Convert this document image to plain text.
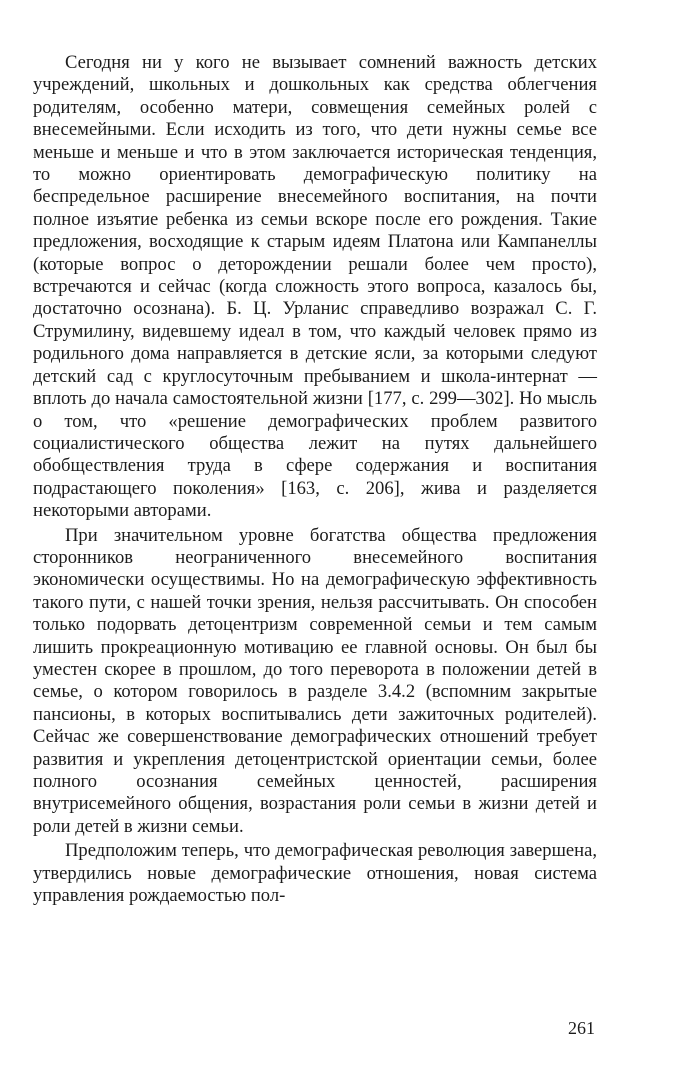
Сегодня ни у кого не вызывает сомнений важность детских учреждений, школьных и дошкольных как средства облегчения родителям, особенно матери, совмещения семейных ролей с внесемейными. Если исходить из того, что дети нужны семье все меньше и меньше и что в этом заключается историческая тенденция, то можно ориентировать демографическую политику на беспредельное расширение внесемейного воспитания, на почти полное изъятие ребенка из семьи вскоре после его рождения. Такие предложения, восходящие к старым идеям Платона или Кампанеллы (которые вопрос о деторождении решали более чем просто), встречаются и сейчас (когда сложность этого вопроса, казалось бы, достаточно осознана). Б. Ц. Урланис справедливо возражал С. Г. Струмилину, видевшему идеал в том, что каждый человек прямо из родильного дома направляется в детские ясли, за которыми следуют детский сад с круглосуточным пребыванием и школа-интернат — вплоть до начала самостоятельной жизни [177, с. 299—302]. Но мысль о том, что «решение демографических проблем развитого социалистического общества лежит на путях дальнейшего обобществления труда в сфере содержания и воспитания подрастающего поколения» [163, с. 206], жива и разделяется некоторыми авторами.

При значительном уровне богатства общества предложения сторонников неограниченного внесемейного воспитания экономически осуществимы. Но на демографическую эффективность такого пути, с нашей точки зрения, нельзя рассчитывать. Он способен только подорвать детоцентризм современной семьи и тем самым лишить прокреационную мотивацию ее главной основы. Он был бы уместен скорее в прошлом, до того переворота в положении детей в семье, о котором говорилось в разделе 3.4.2 (вспомним закрытые пансионы, в которых воспитывались дети зажиточных родителей). Сейчас же совершенствование демографических отношений требует развития и укрепления детоцентристской ориентации семьи, более полного осознания семейных ценностей, расширения внутрисемейного общения, возрастания роли семьи в жизни детей и роли детей в жизни семьи.

Предположим теперь, что демографическая революция завершена, утвердились новые демографические отношения, новая система управления рождаемостью пол-

261
